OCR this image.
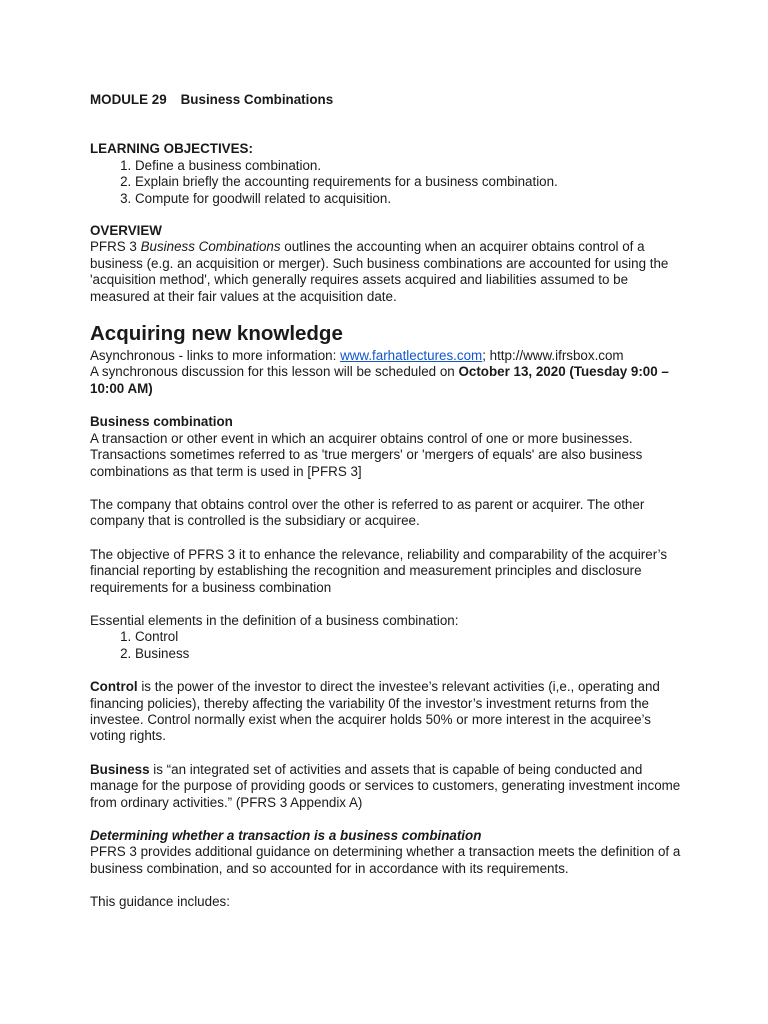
MODULE 29 Business Combinations

LEARNING OBJECTIVES:

1. Define a business combination.
2. Explain briefly the accounting requirements for a business combination.
3. Compute for goodwill related to acquisition.

OVERVIEW

PFRS 3 Business Combinations outlines the accounting when an acquirer obtains control of a business (e.g. an acquisition or merger). Such business combinations are accounted for using the 'acquisition method', which generally requires assets acquired and liabilities assumed to be measured at their fair values at the acquisition date.

Acquiring new knowledge

Asynchronous - links to more information: www.farhatlectures.com; http://www.ifrsbox.com

A synchronous discussion for this lesson will be scheduled on October 13, 2020 (Tuesday 9:00 – 10:00 AM)

Business combination

A transaction or other event in which an acquirer obtains control of one or more businesses. Transactions sometimes referred to as 'true mergers' or 'mergers of equals' are also business combinations as that term is used in [PFRS 3]

The company that obtains control over the other is referred to as parent or acquirer. The other company that is controlled is the subsidiary or acquiree.

The objective of PFRS 3 it to enhance the relevance, reliability and comparability of the acquirer’s financial reporting by establishing the recognition and measurement principles and disclosure requirements for a business combination

Essential elements in the definition of a business combination:

1. Control
2. Business

Control is the power of the investor to direct the investee’s relevant activities (i,e., operating and financing policies), thereby affecting the variability 0f the investor’s investment returns from the investee. Control normally exist when the acquirer holds 50% or more interest in the acquiree’s voting rights.

Business is “an integrated set of activities and assets that is capable of being conducted and manage for the purpose of providing goods or services to customers, generating investment income from ordinary activities.” (PFRS 3 Appendix A)

Determining whether a transaction is a business combination

PFRS 3 provides additional guidance on determining whether a transaction meets the definition of a business combination, and so accounted for in accordance with its requirements.

This guidance includes:
